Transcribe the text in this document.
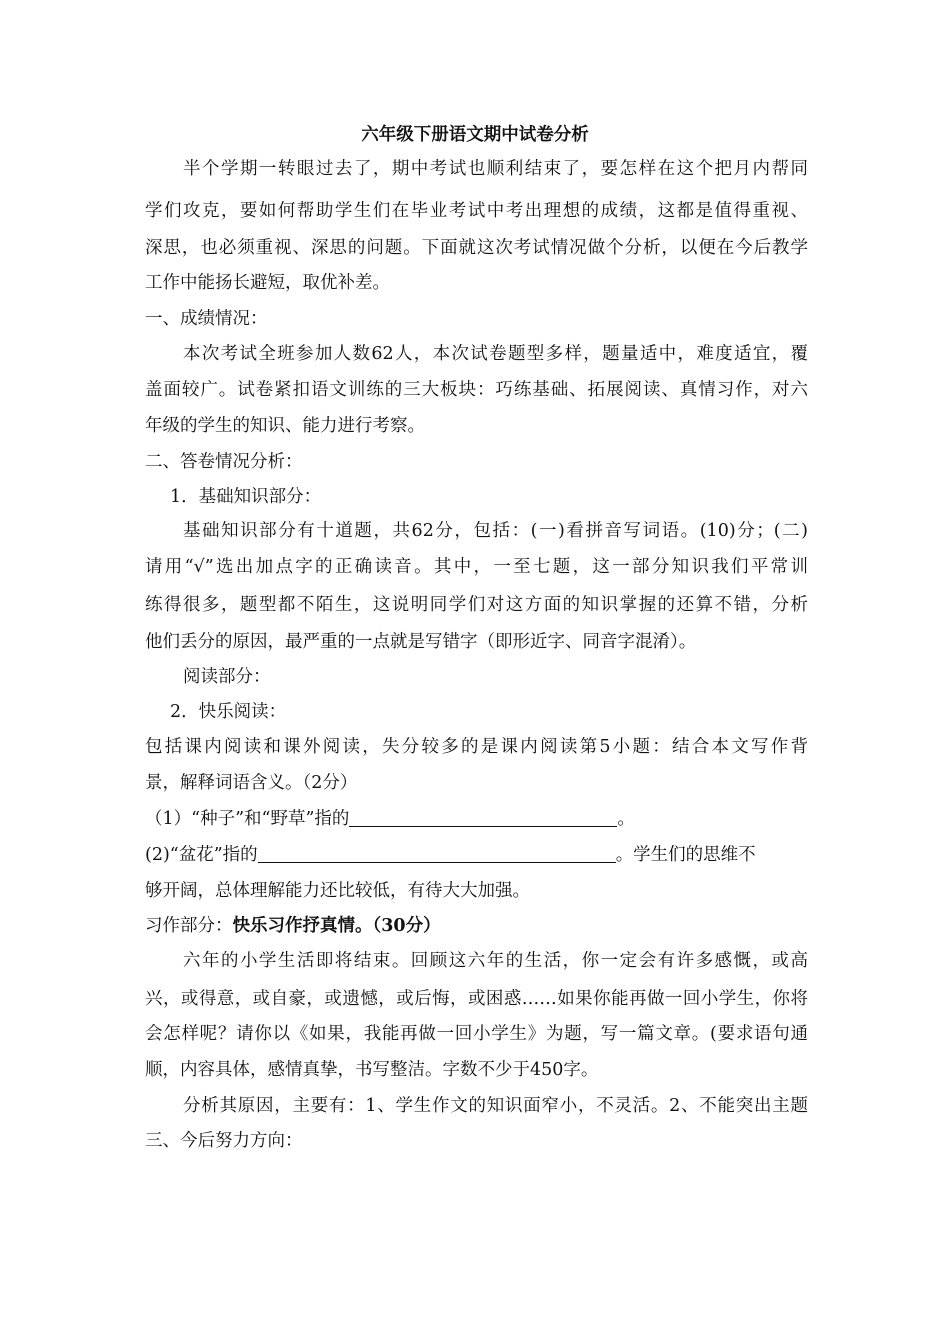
六年级下册语文期中试卷分析
半个学期一转眼过去了，期中考试也顺利结束了，要怎样在这个把月内帮同
学们攻克，要如何帮助学生们在毕业考试中考出理想的成绩，这都是值得重视、
深思，也必须重视、深思的问题。下面就这次考试情况做个分析，以便在今后教学
工作中能扬长避短，取优补差。
一、成绩情况：
本次考试全班参加人数62人，本次试卷题型多样，题量适中，难度适宜，覆
盖面较广。试卷紧扣语文训练的三大板块：巧练基础、拓展阅读、真情习作，对六
年级的学生的知识、能力进行考察。
二、答卷情况分析：
1．基础知识部分：
基础知识部分有十道题，共62分，包括：(一)看拼音写词语。(10)分；(二)
请用“√”选出加点字的正确读音。其中，一至七题，这一部分知识我们平常训
练得很多，题型都不陌生，这说明同学们对这方面的知识掌握的还算不错，分析
他们丢分的原因，最严重的一点就是写错字（即形近字、同音字混淆）。
阅读部分：
2．快乐阅读：
包括课内阅读和课外阅读，失分较多的是课内阅读第5小题：结合本文写作背
景，解释词语含义。（2分）
（1）“种子”和“野草”指的	。
(2)“盆花”指的	。学生们的思维不
够开阔，总体理解能力还比较低，有待大大加强。
习作部分：快乐习作抒真情。（30分）
六年的小学生活即将结束。回顾这六年的生活，你一定会有许多感慨，或高
兴，或得意，或自豪，或遗憾，或后悔，或困惑……如果你能再做一回小学生，你将
会怎样呢？请你以《如果，我能再做一回小学生》为题，写一篇文章。(要求语句通
顺，内容具体，感情真挚，书写整洁。字数不少于450字。
分析其原因，主要有：1、学生作文的知识面窄小，不灵活。2、不能突出主题
三、今后努力方向：
